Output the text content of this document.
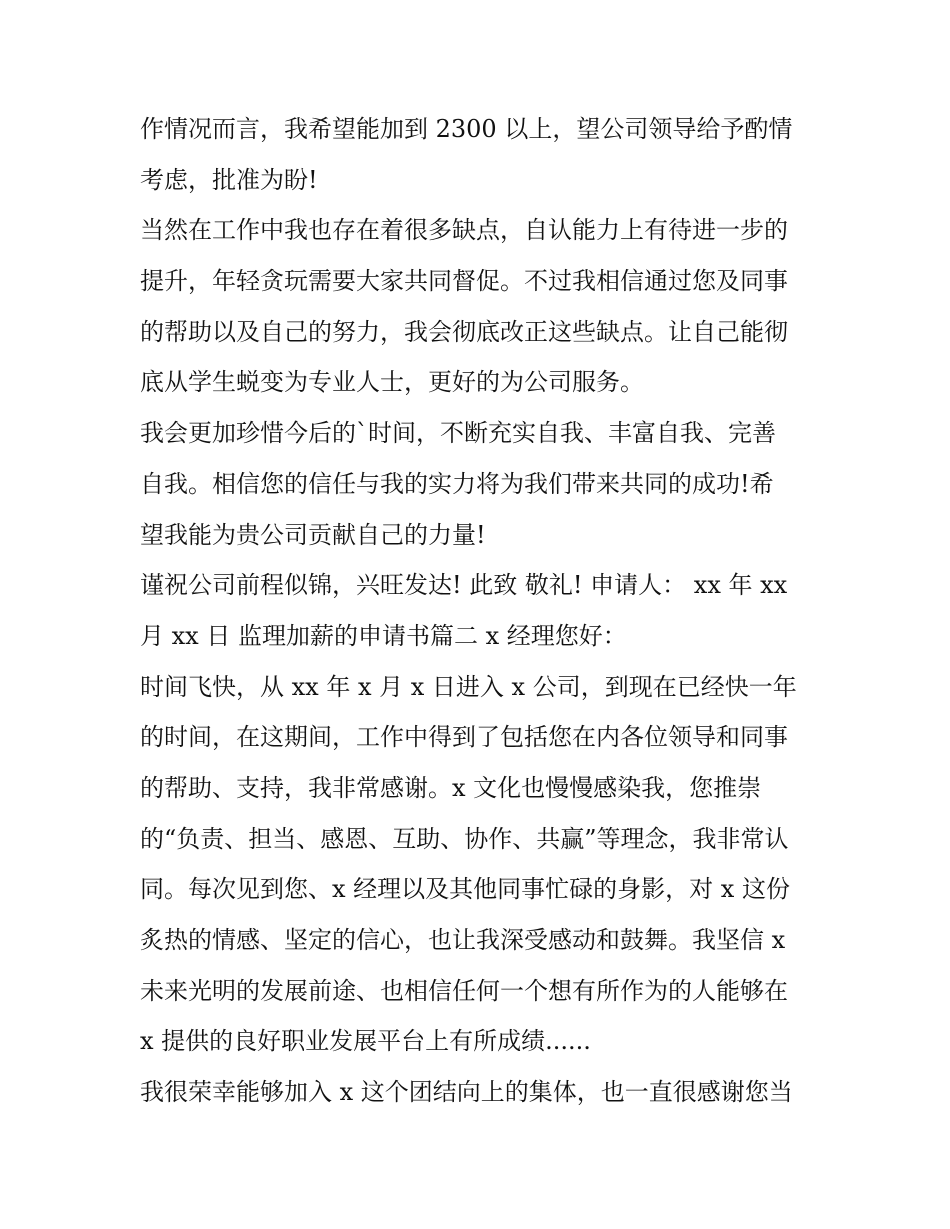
作情况而言，我希望能加到 2300 以上，望公司领导给予酌情
考虑，批准为盼!
当然在工作中我也存在着很多缺点，自认能力上有待进一步的
提升，年轻贪玩需要大家共同督促。不过我相信通过您及同事
的帮助以及自己的努力，我会彻底改正这些缺点。让自己能彻
底从学生蜕变为专业人士，更好的为公司服务。
我会更加珍惜今后的`时间，不断充实自我、丰富自我、完善
自我。相信您的信任与我的实力将为我们带来共同的成功!希
望我能为贵公司贡献自己的力量!
谨祝公司前程似锦，兴旺发达! 此致 敬礼! 申请人： xx 年 xx
月 xx 日 监理加薪的申请书篇二 x 经理您好：
时间飞快，从 xx 年 x 月 x 日进入 x 公司，到现在已经快一年
的时间，在这期间，工作中得到了包括您在内各位领导和同事
的帮助、支持，我非常感谢。x 文化也慢慢感染我，您推崇
的“负责、担当、感恩、互助、协作、共赢”等理念，我非常认
同。每次见到您、x 经理以及其他同事忙碌的身影，对 x 这份
炙热的情感、坚定的信心，也让我深受感动和鼓舞。我坚信 x
未来光明的发展前途、也相信任何一个想有所作为的人能够在
x 提供的良好职业发展平台上有所成绩......
我很荣幸能够加入 x 这个团结向上的集体，也一直很感谢您当
